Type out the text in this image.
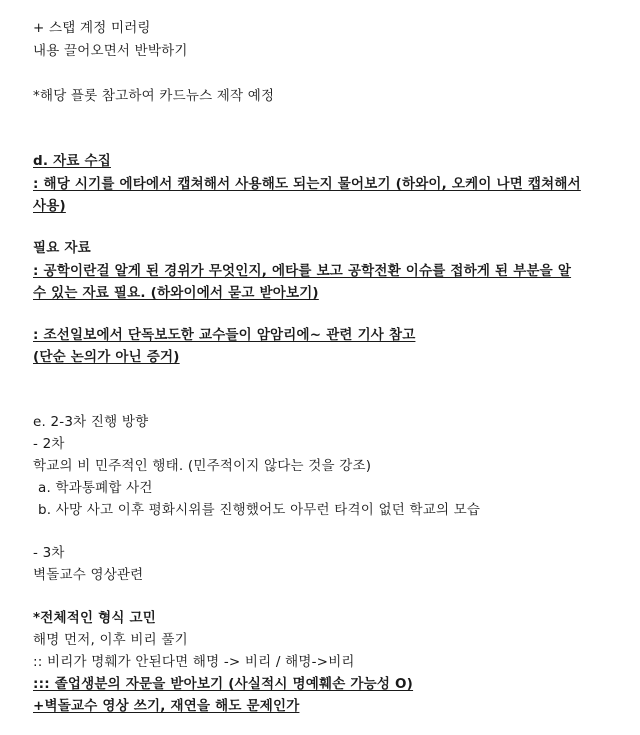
+ 스탭 계정 미러링
내용 끌어오면서 반박하기
*해당 플롯 참고하여 카드뉴스 제작 예정
d. 자료 수집
: 해당 시기를 에타에서 캡쳐해서 사용해도 되는지 물어보기 (하와이, 오케이 나면 캡쳐해서
사용)
필요 자료
: 공학이란걸 알게 된 경위가 무엇인지, 에타를 보고 공학전환 이슈를 접하게 된 부분을 알
수 있는 자료 필요. (하와이에서 묻고 받아보기)
: 조선일보에서 단독보도한 교수들이 암암리에~ 관련 기사 참고
(단순 논의가 아닌 증거)
e. 2-3차 진행 방향
- 2차
학교의 비 민주적인 행태. (민주적이지 않다는 것을 강조)
a. 학과통폐합 사건
b. 사망 사고 이후 평화시위를 진행했어도 아무런 타격이 없던 학교의 모습
- 3차
벽돌교수 영상관련
*전체적인 형식 고민
해명 먼저, 이후 비리 풀기
:: 비리가 명훼가 안된다면 해명 -> 비리 / 해명->비리
::: 졸업생분의 자문을 받아보기 (사실적시 명예훼손 가능성 O)
+벽돌교수 영상 쓰기, 재연을 해도 문제인가
